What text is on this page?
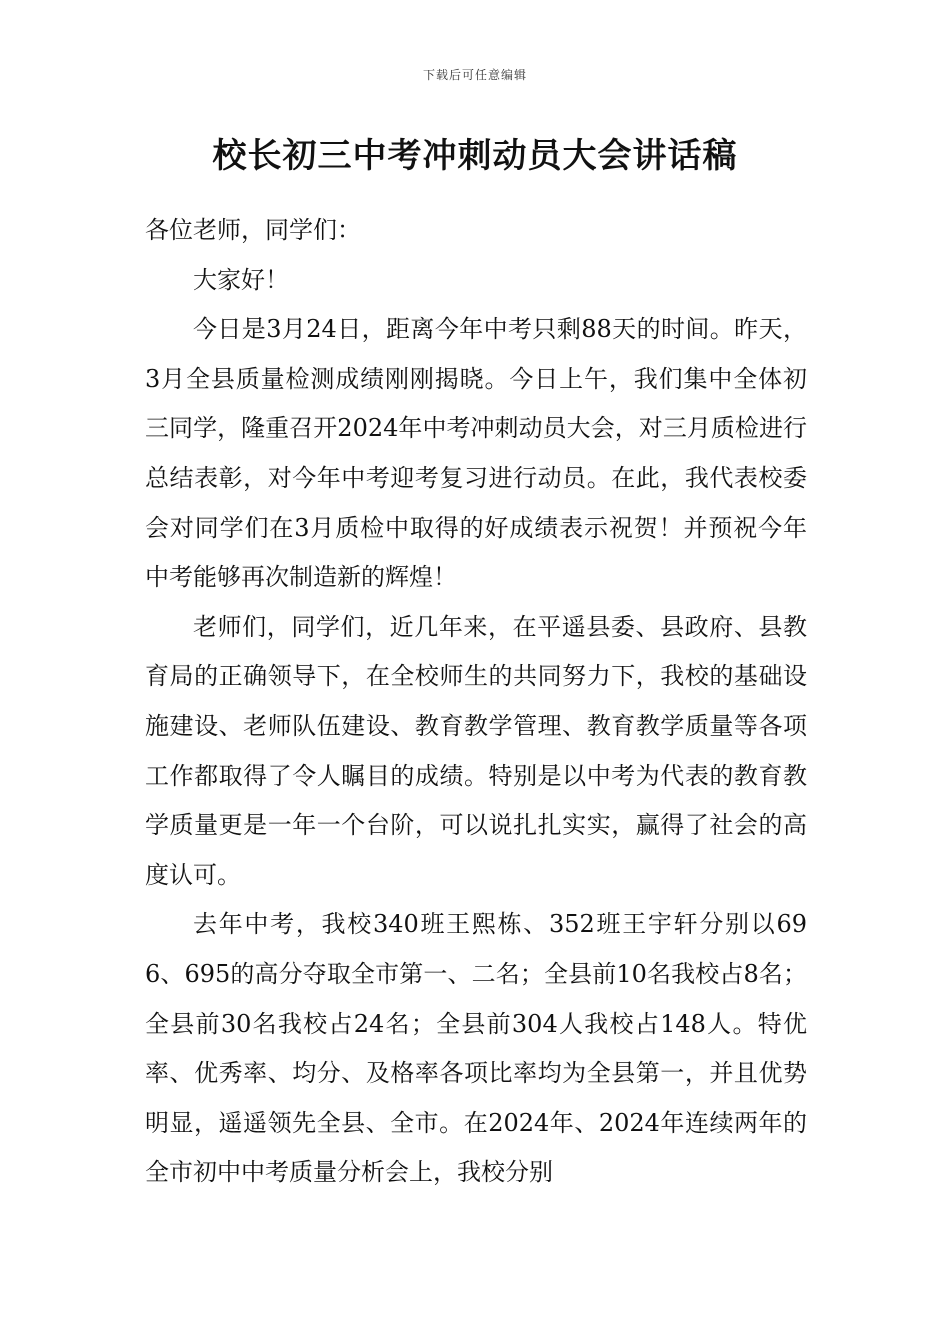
下载后可任意编辑
校长初三中考冲刺动员大会讲话稿

各位老师，同学们：

大家好！

今日是3月24日，距离今年中考只剩88天的时间。昨天，3月全县质量检测成绩刚刚揭晓。今日上午，我们集中全体初三同学，隆重召开2024年中考冲刺动员大会，对三月质检进行总结表彰，对今年中考迎考复习进行动员。在此，我代表校委会对同学们在3月质检中取得的好成绩表示祝贺！并预祝今年中考能够再次制造新的辉煌！

老师们，同学们，近几年来，在平遥县委、县政府、县教育局的正确领导下，在全校师生的共同努力下，我校的基础设施建设、老师队伍建设、教育教学管理、教育教学质量等各项工作都取得了令人瞩目的成绩。特别是以中考为代表的教育教学质量更是一年一个台阶，可以说扎扎实实，赢得了社会的高度认可。

去年中考，我校340班王熙栋、352班王宇轩分别以696、695的高分夺取全市第一、二名；全县前10名我校占8名；全县前30名我校占24名；全县前304人我校占148人。特优率、优秀率、均分、及格率各项比率均为全县第一，并且优势明显，遥遥领先全县、全市。在2024年、2024年连续两年的全市初中中考质量分析会上，我校分别
